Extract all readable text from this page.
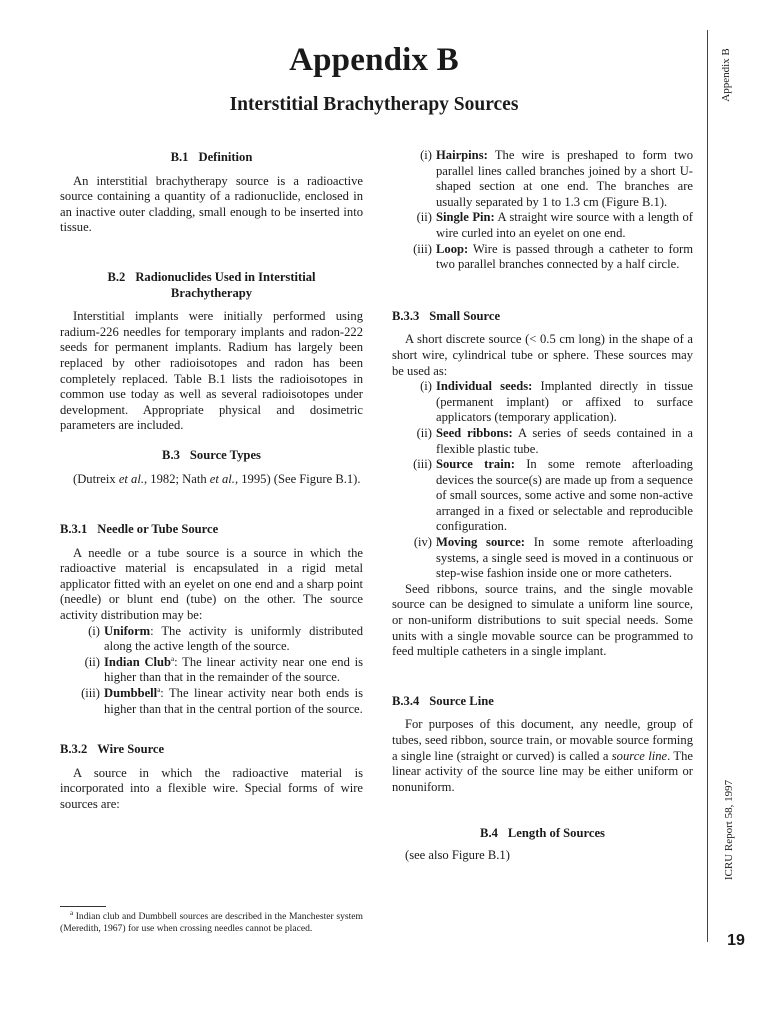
Appendix B
Interstitial Brachytherapy Sources
B.1 Definition

An interstitial brachytherapy source is a radioactive source containing a quantity of a radionuclide, enclosed in an inactive outer cladding, small enough to be inserted into tissue.

B.2 Radionuclides Used in Interstitial
Brachytherapy

Interstitial implants were initially performed using radium-226 needles for temporary implants and radon-222 seeds for permanent implants. Radium has largely been replaced by other radioisotopes and radon has been completely replaced. Table B.1 lists the radioisotopes in common use today as well as several radioisotopes under development. Appropriate physical and dosimetric parameters are included.

B.3 Source Types

(Dutreix et al., 1982; Nath et al., 1995) (See Figure B.1).

B.3.1 Needle or Tube Source

A needle or a tube source is a source in which the radioactive material is encapsulated in a rigid metal applicator fitted with an eyelet on one end and a sharp point (needle) or blunt end (tube) on the other. The source activity distribution may be:

(i) Uniform: The activity is uniformly distributed along the active length of the source.
(ii) Indian Club$^a$: The linear activity near one end is higher than that in the remainder of the source.
(iii) Dumbbell$^a$: The linear activity near both ends is higher than that in the central portion of the source.
B.3.2 Wire Source

A source in which the radioactive material is incorporated into a flexible wire. Special forms of wire sources are:

$^a$ Indian club and Dumbbell sources are described in the Manchester system (Meredith, 1967) for use when crossing needles cannot be placed.

(i) Hairpins: The wire is preshaped to form two parallel lines called branches joined by a short U-shaped section at one end. The branches are usually separated by 1 to 1.3 cm (Figure B.1).
(ii) Single Pin: A straight wire source with a length of wire curled into an eyelet on one end.
(iii) Loop: Wire is passed through a catheter to form two parallel branches connected by a half circle.
B.3.3 Small Source

A short discrete source (< 0.5 cm long) in the shape of a short wire, cylindrical tube or sphere. These sources may be used as:

(i) Individual seeds: Implanted directly in tissue (permanent implant) or affixed to surface applicators (temporary application).
(ii) Seed ribbons: A series of seeds contained in a flexible plastic tube.
(iii) Source train: In some remote afterloading devices the source(s) are made up from a sequence of small sources, some active and some non-active arranged in a fixed or selectable and reproducible configuration.
(iv) Moving source: In some remote afterloading systems, a single seed is moved in a continuous or step-wise fashion inside one or more catheters.

Seed ribbons, source trains, and the single movable source can be designed to simulate a uniform line source, or non-uniform distributions to suit special needs. Some units with a single movable source can be programmed to feed multiple catheters in a single implant.

B.3.4 Source Line

For purposes of this document, any needle, group of tubes, seed ribbon, source train, or movable source forming a single line (straight or curved) is called a source line. The linear activity of the source line may be either uniform or nonuniform.

B.4 Length of Sources

(see also Figure B.1)

Appendix B
ICRU Report 58, 1997
19
